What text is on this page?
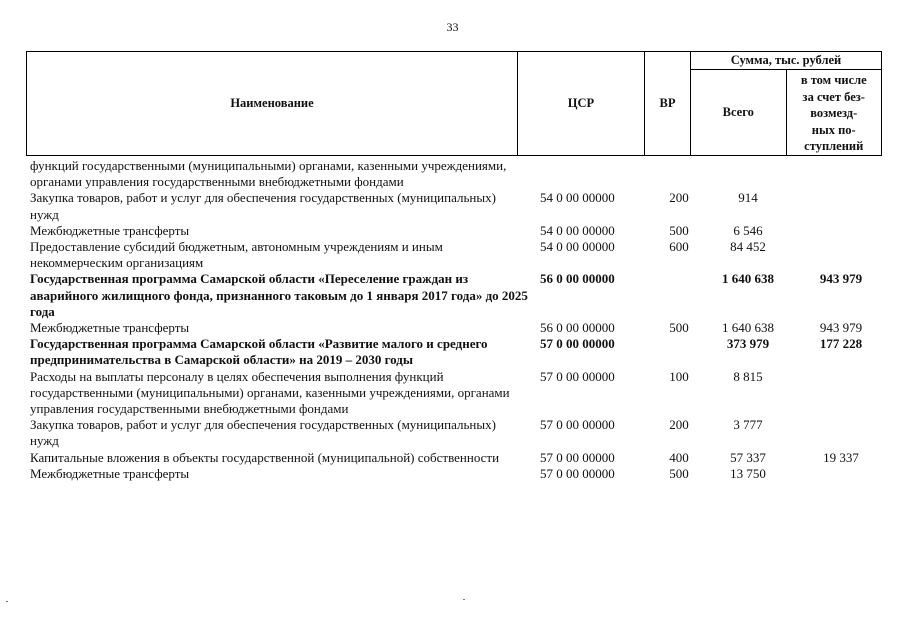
33
Наименование	ЦСР	ВР	Сумма, тыс. рублей	
			Всего	в том числе
за счет без-
возмезд-
ных по-
ступлений
функций государственными (муниципальными) органами, казенными учреждениями, органами управления государственными внебюджетными фондами				
Закупка товаров, работ и услуг для обеспечения государственных (муниципальных) нужд	54 0 00 00000	200	914	
Межбюджетные трансферты	54 0 00 00000	500	6 546	
Предоставление субсидий бюджетным, автономным учреждениям и иным некоммерческим организациям	54 0 00 00000	600	84 452	
Государственная программа Самарской области «Переселение граждан из аварийного жилищного фонда, признанного таковым до 1 января 2017 года» до 2025 года	56 0 00 00000		1 640 638	943 979
Межбюджетные трансферты	56 0 00 00000	500	1 640 638	943 979
Государственная программа Самарской области «Развитие малого и среднего предпринимательства в Самарской области» на 2019 – 2030 годы	57 0 00 00000		373 979	177 228
Расходы на выплаты персоналу в целях обеспечения выполнения функций государственными (муниципальными) органами, казенными учреждениями, органами управления государственными внебюджетными фондами	57 0 00 00000	100	8 815	
Закупка товаров, работ и услуг для обеспечения государственных (муниципальных) нужд	57 0 00 00000	200	3 777	
Капитальные вложения в объекты государственной (муниципальной) собственности	57 0 00 00000	400	57 337	19 337
Межбюджетные трансферты	57 0 00 00000	500	13 750	
